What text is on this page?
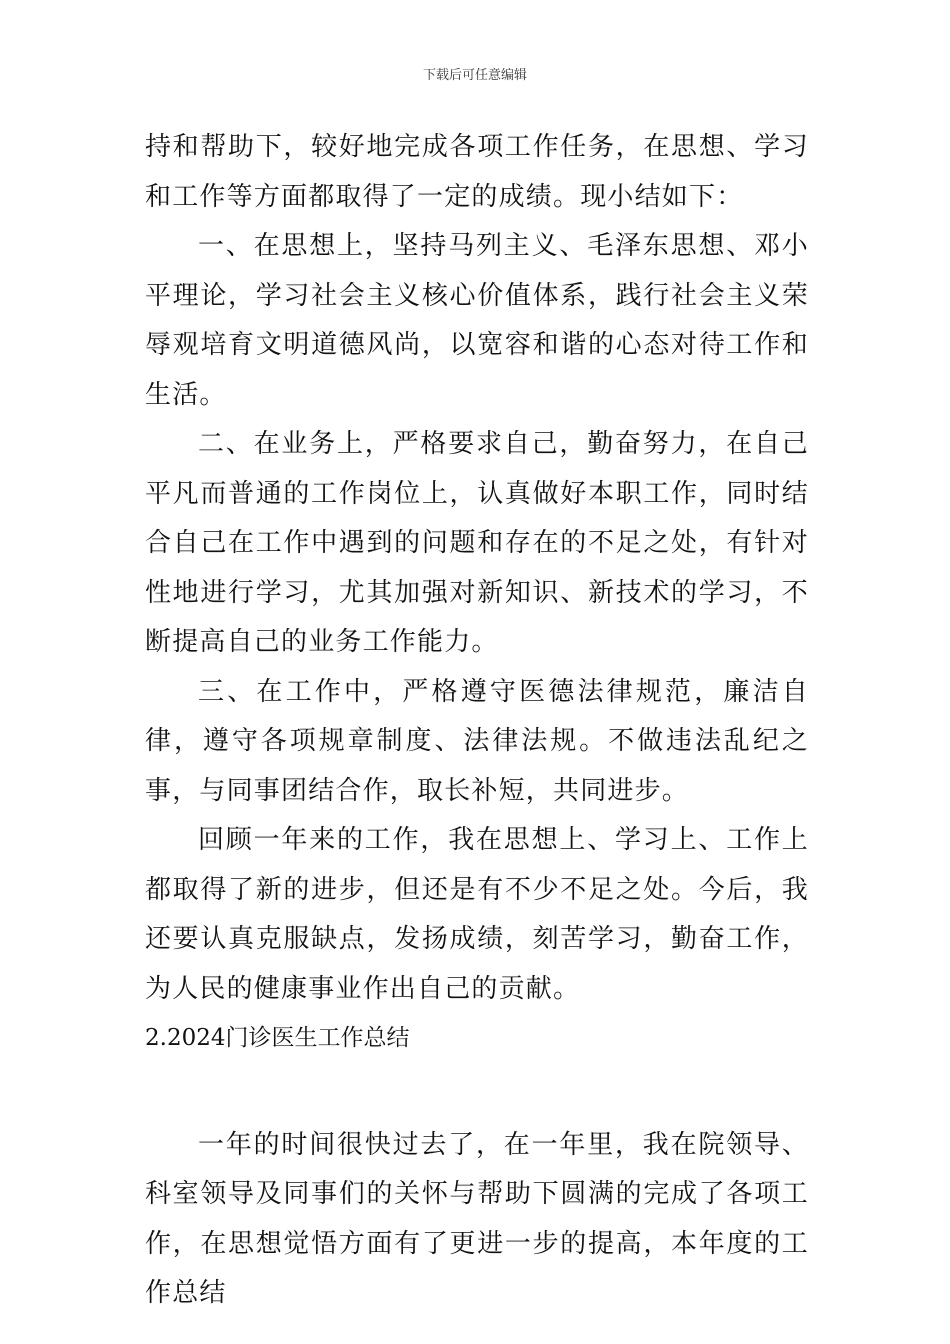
下载后可任意编辑

持和帮助下，较好地完成各项工作任务，在思想、学习和工作等方面都取得了一定的成绩。现小结如下：

一、在思想上，坚持马列主义、毛泽东思想、邓小平理论，学习社会主义核心价值体系，践行社会主义荣辱观培育文明道德风尚，以宽容和谐的心态对待工作和生活。

二、在业务上，严格要求自己，勤奋努力，在自己平凡而普通的工作岗位上，认真做好本职工作，同时结合自己在工作中遇到的问题和存在的不足之处，有针对性地进行学习，尤其加强对新知识、新技术的学习，不断提高自己的业务工作能力。

三、在工作中，严格遵守医德法律规范，廉洁自律，遵守各项规章制度、法律法规。不做违法乱纪之事，与同事团结合作，取长补短，共同进步。

回顾一年来的工作，我在思想上、学习上、工作上都取得了新的进步，但还是有不少不足之处。今后，我还要认真克服缺点，发扬成绩，刻苦学习，勤奋工作，为人民的健康事业作出自己的贡献。

2.2024门诊医生工作总结

一年的时间很快过去了，在一年里，我在院领导、科室领导及同事们的关怀与帮助下圆满的完成了各项工作，在思想觉悟方面有了更进一步的提高，本年度的工作总结
